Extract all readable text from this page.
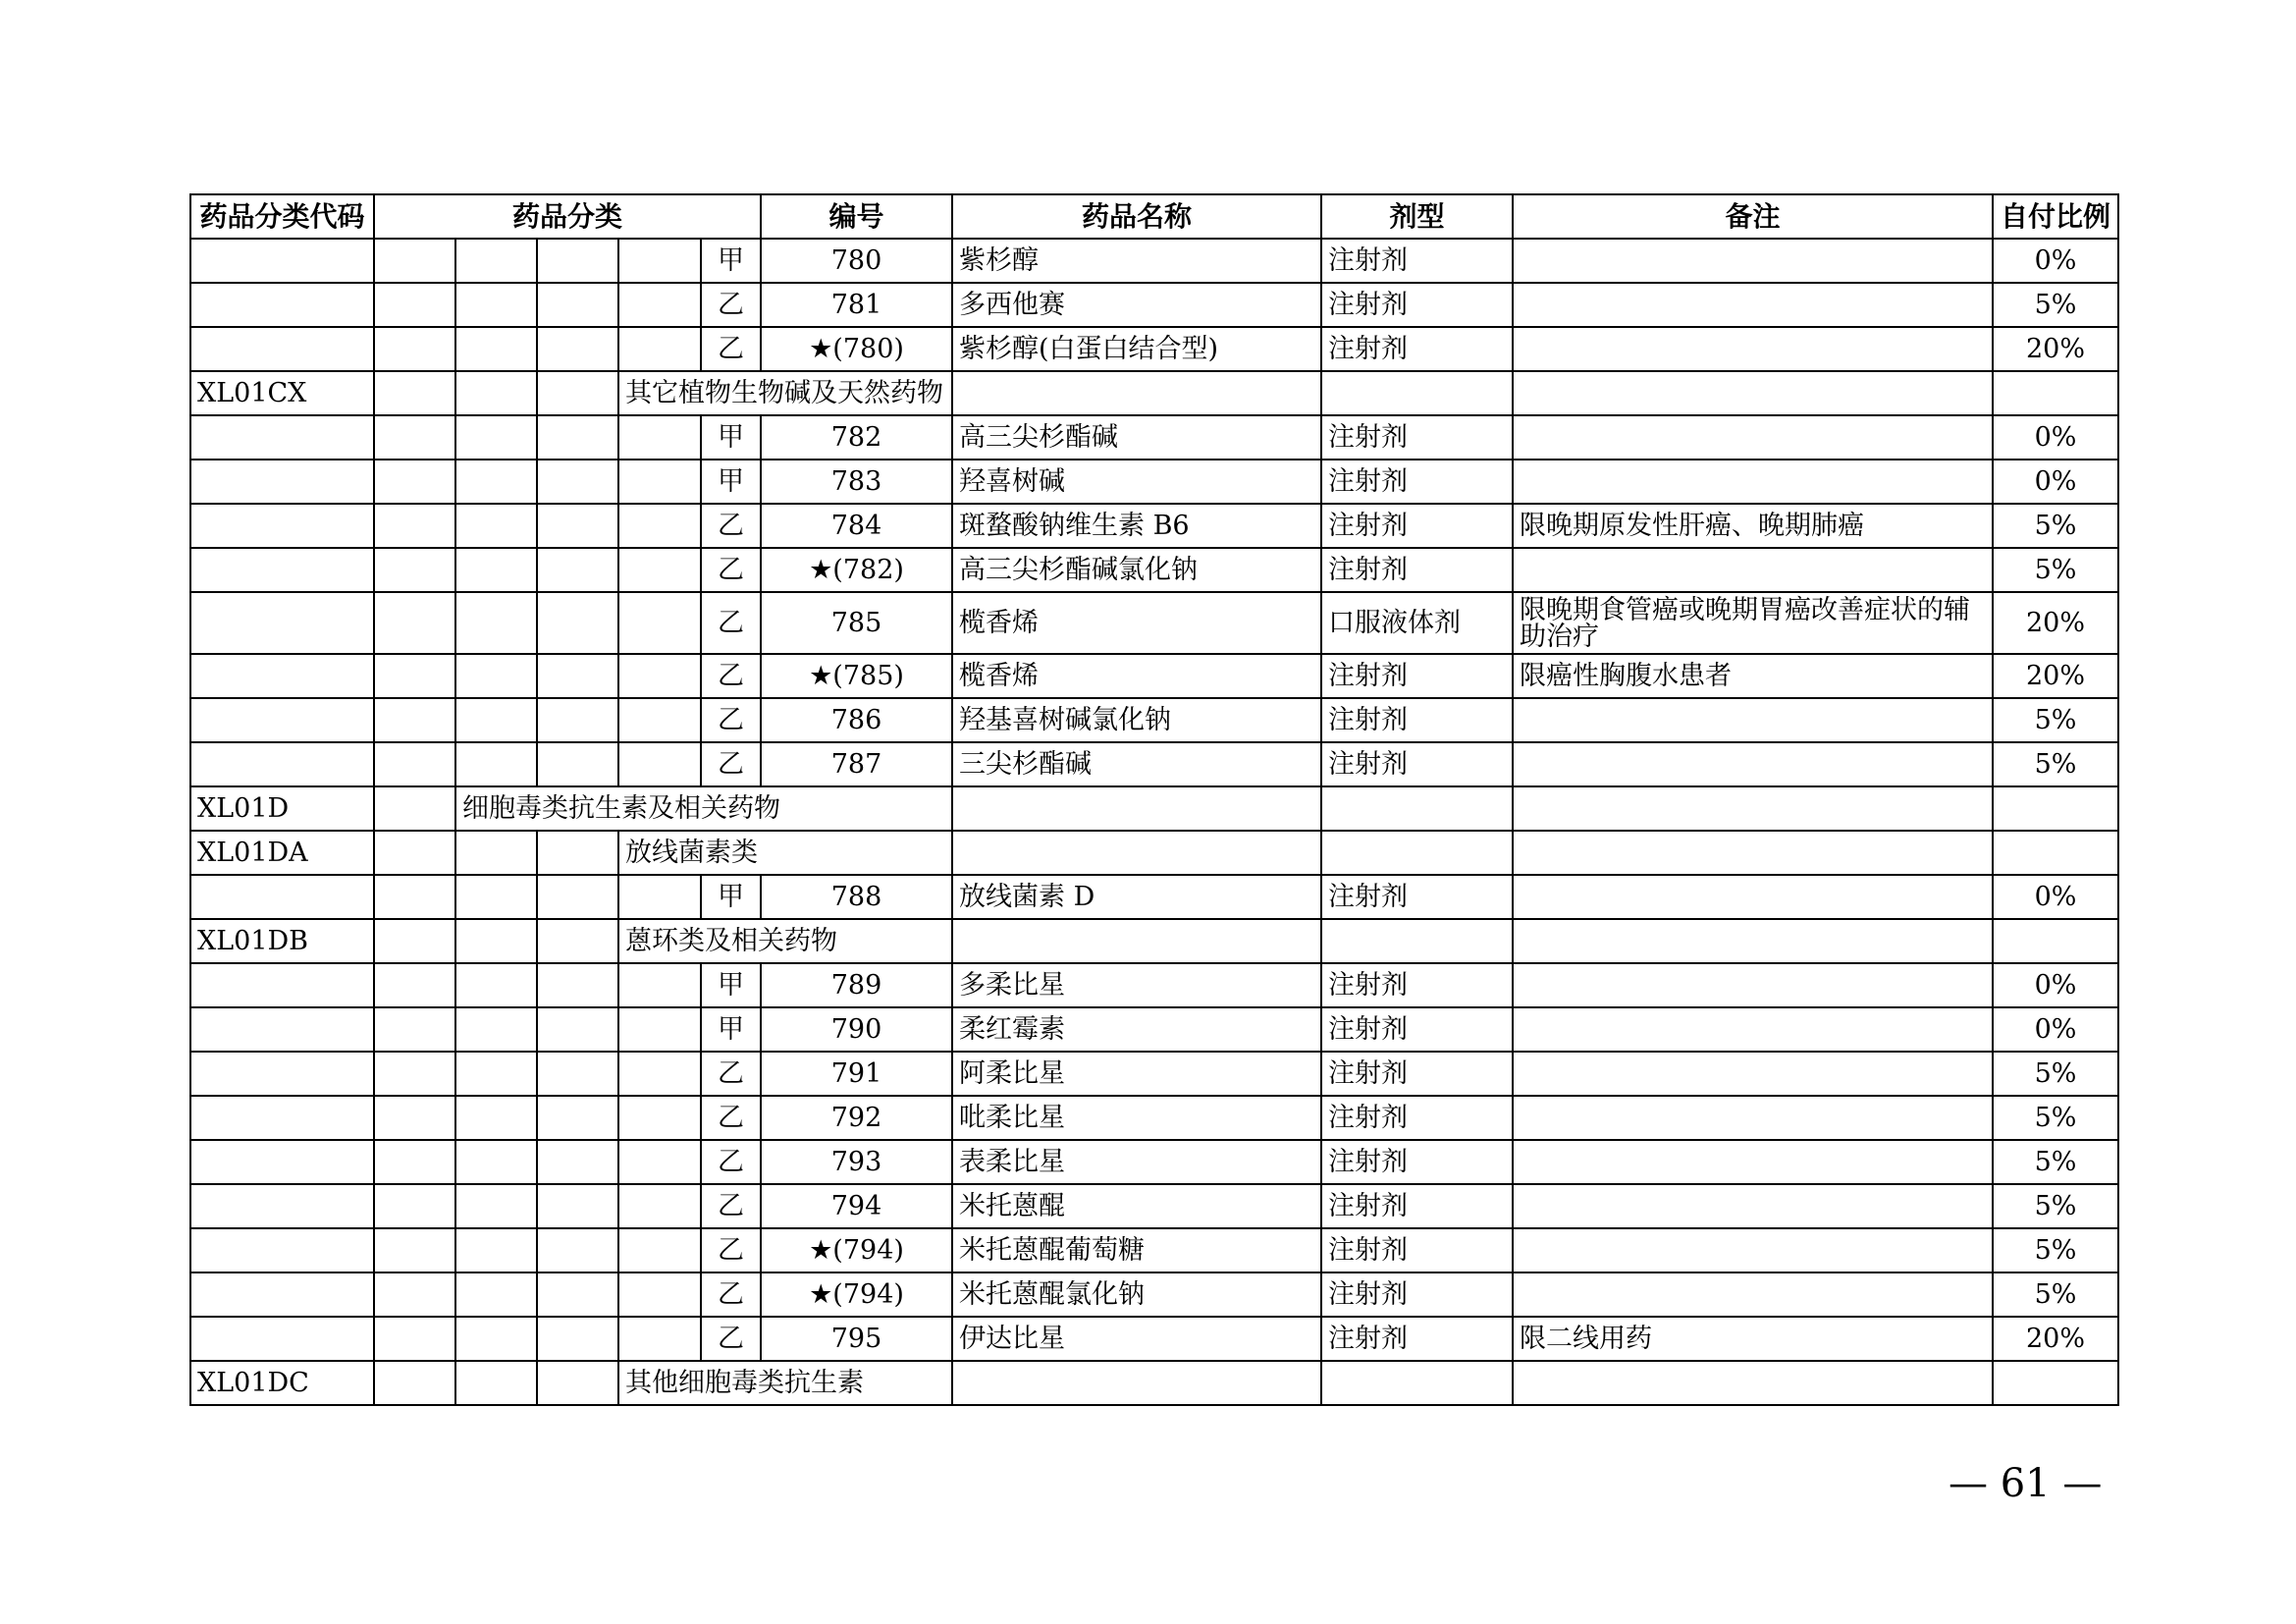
药品分类代码	药品分类					编号	药品名称	剂型	备注	自付比例
					甲	780	紫杉醇	注射剂		0%
					乙	781	多西他赛	注射剂		5%
					乙	★(780)	紫杉醇(白蛋白结合型)	注射剂		20%
XL01CX				其它植物生物碱及天然药物						
					甲	782	高三尖杉酯碱	注射剂		0%
					甲	783	羟喜树碱	注射剂		0%
					乙	784	斑蝥酸钠维生素 B6	注射剂	限晚期原发性肝癌、晚期肺癌	5%
					乙	★(782)	高三尖杉酯碱氯化钠	注射剂		5%
					乙	785	榄香烯	口服液体剂	限晚期食管癌或晚期胃癌改善症状的辅助治疗	20%
					乙	★(785)	榄香烯	注射剂	限癌性胸腹水患者	20%
					乙	786	羟基喜树碱氯化钠	注射剂		5%
					乙	787	三尖杉酯碱	注射剂		5%
XL01D		细胞毒类抗生素及相关药物								
XL01DA				放线菌素类						
					甲	788	放线菌素 D	注射剂		0%
XL01DB				蒽环类及相关药物						
					甲	789	多柔比星	注射剂		0%
					甲	790	柔红霉素	注射剂		0%
					乙	791	阿柔比星	注射剂		5%
					乙	792	吡柔比星	注射剂		5%
					乙	793	表柔比星	注射剂		5%
					乙	794	米托蒽醌	注射剂		5%
					乙	★(794)	米托蒽醌葡萄糖	注射剂		5%
					乙	★(794)	米托蒽醌氯化钠	注射剂		5%
					乙	795	伊达比星	注射剂	限二线用药	20%
XL01DC				其他细胞毒类抗生素						
— 61 —
